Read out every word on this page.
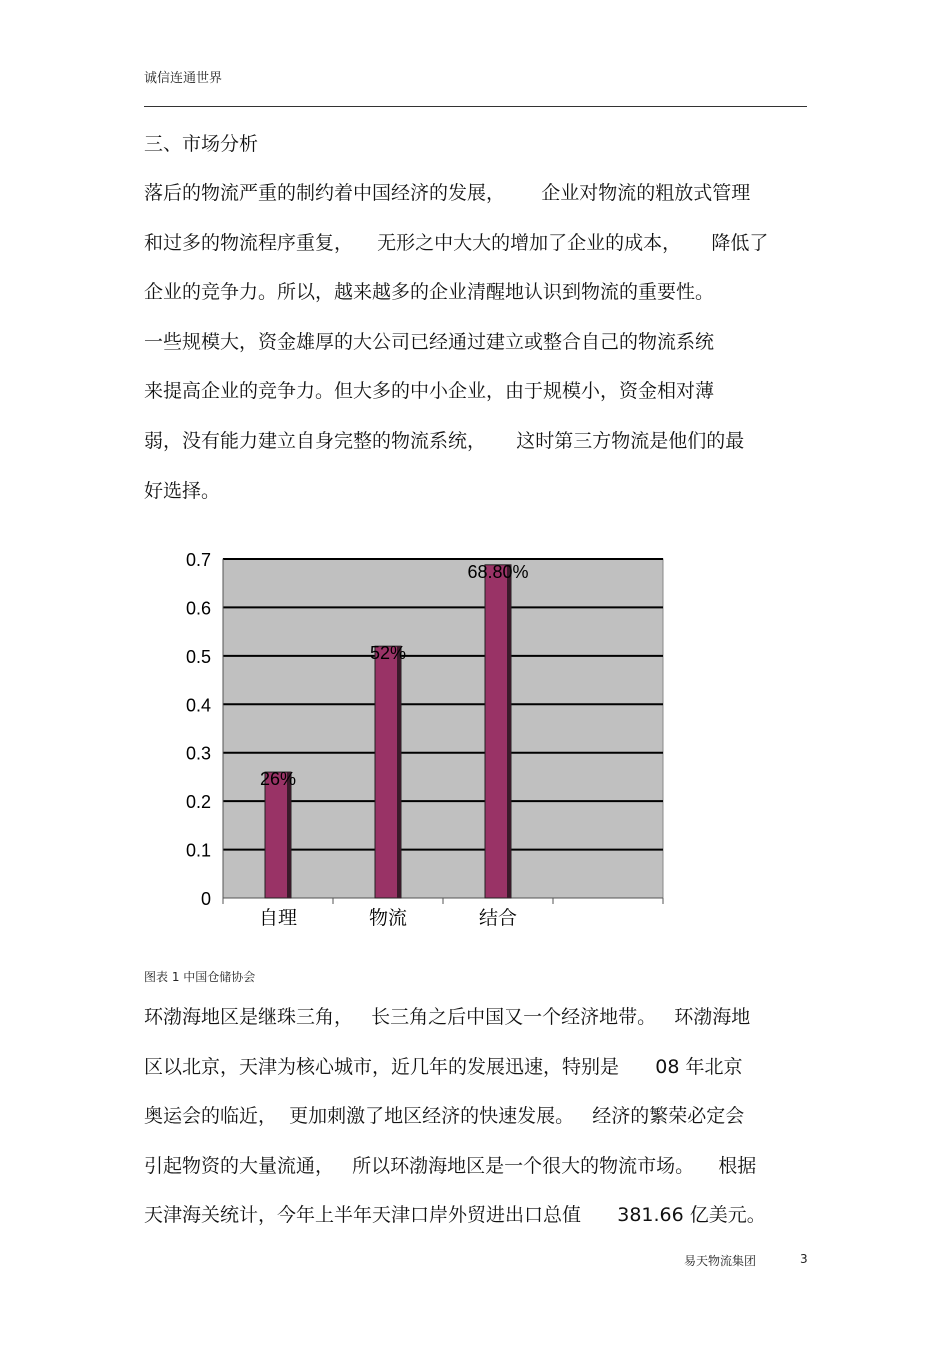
诚信连通世界
三、市场分析
落后的物流严重的制约着中国经济的发展，      企业对物流的粗放式管理
和过多的物流程序重复，    无形之中大大的增加了企业的成本，     降低了
企业的竞争力。所以，越来越多的企业清醒地认识到物流的重要性。
一些规模大，资金雄厚的大公司已经通过建立或整合自己的物流系统
来提高企业的竞争力。但大多的中小企业，由于规模小，资金相对薄
弱，没有能力建立自身完整的物流系统，     这时第三方物流是他们的最
好选择。
0
0.1
0.2
0.3
0.4
0.5
0.6
0.7
26%
自理
52%
物流
68.80%
结合
图表 1 中国仓储协会
环渤海地区是继珠三角，   长三角之后中国又一个经济地带。   环渤海地
区以北京，天津为核心城市，近几年的发展迅速，特别是      08 年北京
奥运会的临近，  更加刺激了地区经济的快速发展。   经济的繁荣必定会
引起物资的大量流通，   所以环渤海地区是一个很大的物流市场。    根据
天津海关统计，今年上半年天津口岸外贸进出口总值      381.66 亿美元。
易天物流集团	3
